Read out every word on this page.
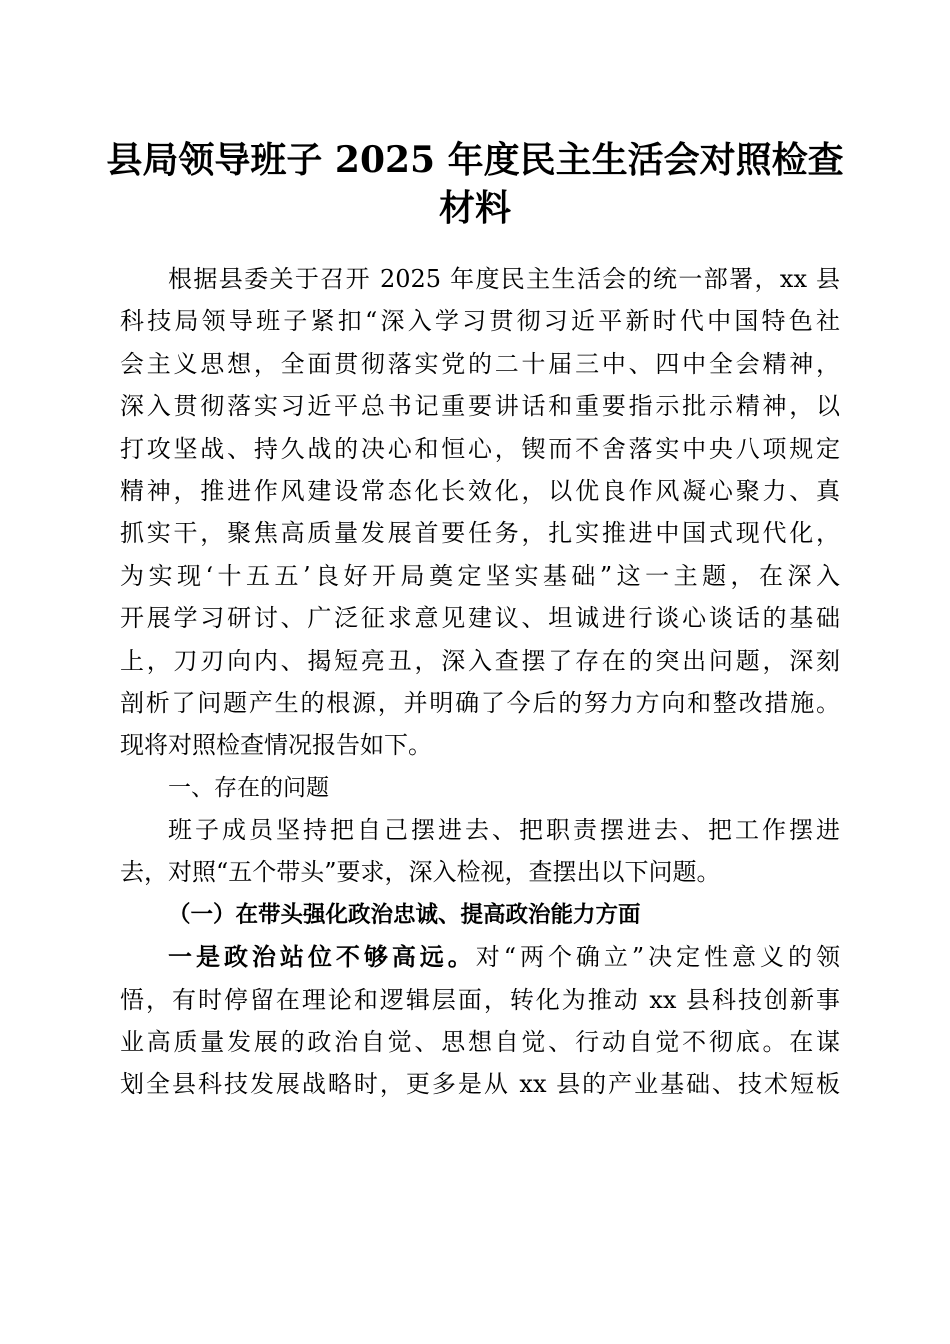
县局领导班子 2025 年度民主生活会对照检查
材料
根据县委关于召开 2025 年度民主生活会的统一部署，xx 县
科技局领导班子紧扣“深入学习贯彻习近平新时代中国特色社
会主义思想，全面贯彻落实党的二十届三中、四中全会精神，
深入贯彻落实习近平总书记重要讲话和重要指示批示精神，以
打攻坚战、持久战的决心和恒心，锲而不舍落实中央八项规定
精神，推进作风建设常态化长效化，以优良作风凝心聚力、真
抓实干，聚焦高质量发展首要任务，扎实推进中国式现代化，
为实现‘十五五’良好开局奠定坚实基础”这一主题，在深入
开展学习研讨、广泛征求意见建议、坦诚进行谈心谈话的基础
上，刀刃向内、揭短亮丑，深入查摆了存在的突出问题，深刻
剖析了问题产生的根源，并明确了今后的努力方向和整改措施。
现将对照检查情况报告如下。
一、存在的问题
班子成员坚持把自己摆进去、把职责摆进去、把工作摆进
去，对照“五个带头”要求，深入检视，查摆出以下问题。
（一）在带头强化政治忠诚、提高政治能力方面
一是政治站位不够高远。对“两个确立”决定性意义的领
悟，有时停留在理论和逻辑层面，转化为推动 xx 县科技创新事
业高质量发展的政治自觉、思想自觉、行动自觉不彻底。在谋
划全县科技发展战略时，更多是从 xx 县的产业基础、技术短板
